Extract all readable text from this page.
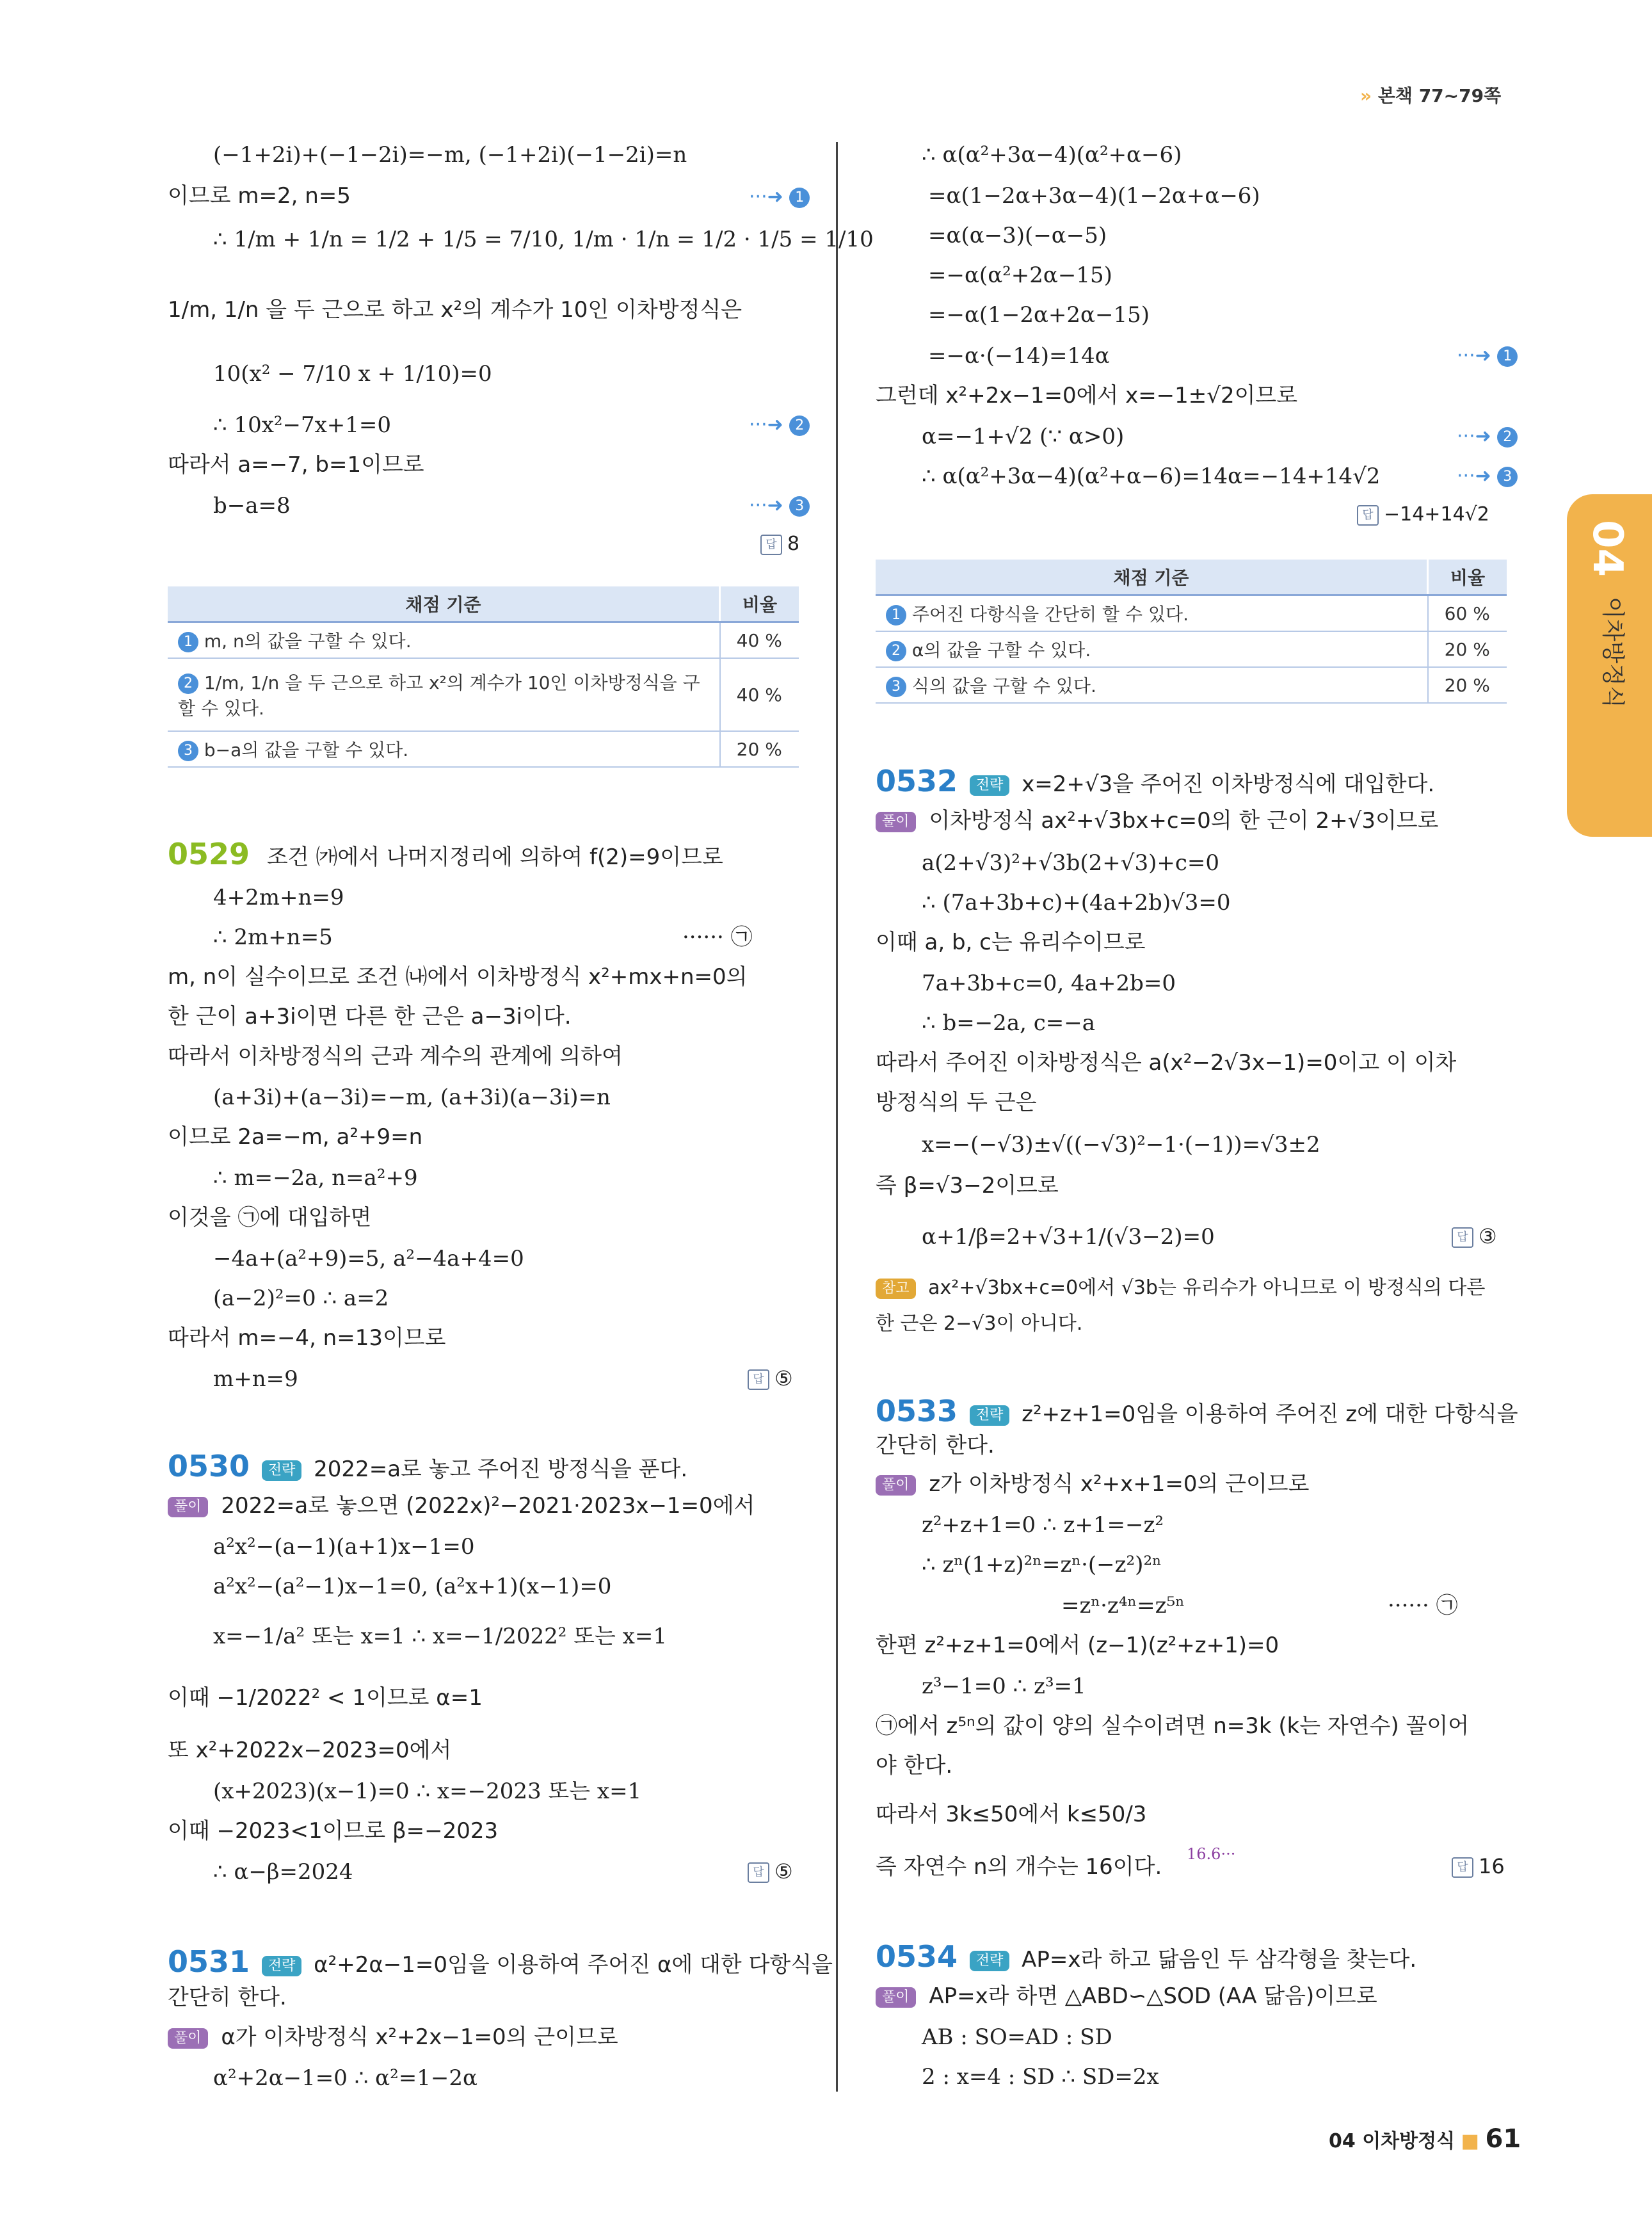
» 본책 77~79쪽
04
이차방정식
(−1+2i)+(−1−2i)=−m, (−1+2i)(−1−2i)=n
이므로 m=2, n=5	···➜ 1
∴ 1/m + 1/n = 1/2 + 1/5 = 7/10, 1/m · 1/n = 1/2 · 1/5 = 1/10
1/m, 1/n 을 두 근으로 하고 x²의 계수가 10인 이차방정식은
10(x² − 7/10 x + 1/10)=0
∴ 10x²−7x+1=0	···➜ 2
따라서 a=−7, b=1이므로
b−a=8	···➜ 3
답 8
채점 기준	비율
1 m, n의 값을 구할 수 있다.	40 %
2 1/m, 1/n 을 두 근으로 하고 x²의 계수가 10인 이차방정식을 구할 수 있다.	40 %
3 b−a의 값을 구할 수 있다.	20 %
0529 조건 ㈎에서 나머지정리에 의하여 f(2)=9이므로
4+2m+n=9
∴ 2m+n=5	······ ㉠
m, n이 실수이므로 조건 ㈏에서 이차방정식 x²+mx+n=0의
한 근이 a+3i이면 다른 한 근은 a−3i이다.
따라서 이차방정식의 근과 계수의 관계에 의하여
(a+3i)+(a−3i)=−m, (a+3i)(a−3i)=n
이므로 2a=−m, a²+9=n
∴ m=−2a, n=a²+9
이것을 ㉠에 대입하면
−4a+(a²+9)=5, a²−4a+4=0
(a−2)²=0 ∴ a=2
따라서 m=−4, n=13이므로
m+n=9	답 ⑤
0530 전략 2022=a로 놓고 주어진 방정식을 푼다.
풀이 2022=a로 놓으면 (2022x)²−2021·2023x−1=0에서
a²x²−(a−1)(a+1)x−1=0
a²x²−(a²−1)x−1=0, (a²x+1)(x−1)=0
x=−1/a² 또는 x=1 ∴ x=−1/2022² 또는 x=1
이때 −1/2022² < 1이므로 α=1
또 x²+2022x−2023=0에서
(x+2023)(x−1)=0 ∴ x=−2023 또는 x=1
이때 −2023<1이므로 β=−2023
∴ α−β=2024	답 ⑤
0531 전략 α²+2α−1=0임을 이용하여 주어진 α에 대한 다항식을
간단히 한다.
풀이 α가 이차방정식 x²+2x−1=0의 근이므로
α²+2α−1=0 ∴ α²=1−2α
∴ α(α²+3α−4)(α²+α−6)
=α(1−2α+3α−4)(1−2α+α−6)
=α(α−3)(−α−5)
=−α(α²+2α−15)
=−α(1−2α+2α−15)
=−α·(−14)=14α	···➜ 1
그런데 x²+2x−1=0에서 x=−1±√2이므로
α=−1+√2 (∵ α>0)	···➜ 2
∴ α(α²+3α−4)(α²+α−6)=14α=−14+14√2	···➜ 3
답 −14+14√2
채점 기준	비율
1 주어진 다항식을 간단히 할 수 있다.	60 %
2 α의 값을 구할 수 있다.	20 %
3 식의 값을 구할 수 있다.	20 %
0532 전략 x=2+√3을 주어진 이차방정식에 대입한다.
풀이 이차방정식 ax²+√3bx+c=0의 한 근이 2+√3이므로
a(2+√3)²+√3b(2+√3)+c=0
∴ (7a+3b+c)+(4a+2b)√3=0
이때 a, b, c는 유리수이므로
7a+3b+c=0, 4a+2b=0
∴ b=−2a, c=−a
따라서 주어진 이차방정식은 a(x²−2√3x−1)=0이고 이 이차
방정식의 두 근은
x=−(−√3)±√((−√3)²−1·(−1))=√3±2
즉 β=√3−2이므로
α+1/β=2+√3+1/(√3−2)=0	답 ③
참고 ax²+√3bx+c=0에서 √3b는 유리수가 아니므로 이 방정식의 다른
한 근은 2−√3이 아니다.
0533 전략 z²+z+1=0임을 이용하여 주어진 z에 대한 다항식을
간단히 한다.
풀이 z가 이차방정식 x²+x+1=0의 근이므로
z²+z+1=0 ∴ z+1=−z²
∴ zⁿ(1+z)²ⁿ=zⁿ·(−z²)²ⁿ
=zⁿ·z⁴ⁿ=z⁵ⁿ	······ ㉠
한편 z²+z+1=0에서 (z−1)(z²+z+1)=0
z³−1=0 ∴ z³=1
㉠에서 z⁵ⁿ의 값이 양의 실수이려면 n=3k (k는 자연수) 꼴이어
야 한다.
따라서 3k≤50에서 k≤50/3
16.6···
즉 자연수 n의 개수는 16이다.	답 16
0534 전략 AP=x라 하고 닮음인 두 삼각형을 찾는다.
풀이 AP=x라 하면 △ABD∽△SOD (AA 닮음)이므로
AB : SO=AD : SD
2 : x=4 : SD ∴ SD=2x
04 이차방정식 ■ 61
